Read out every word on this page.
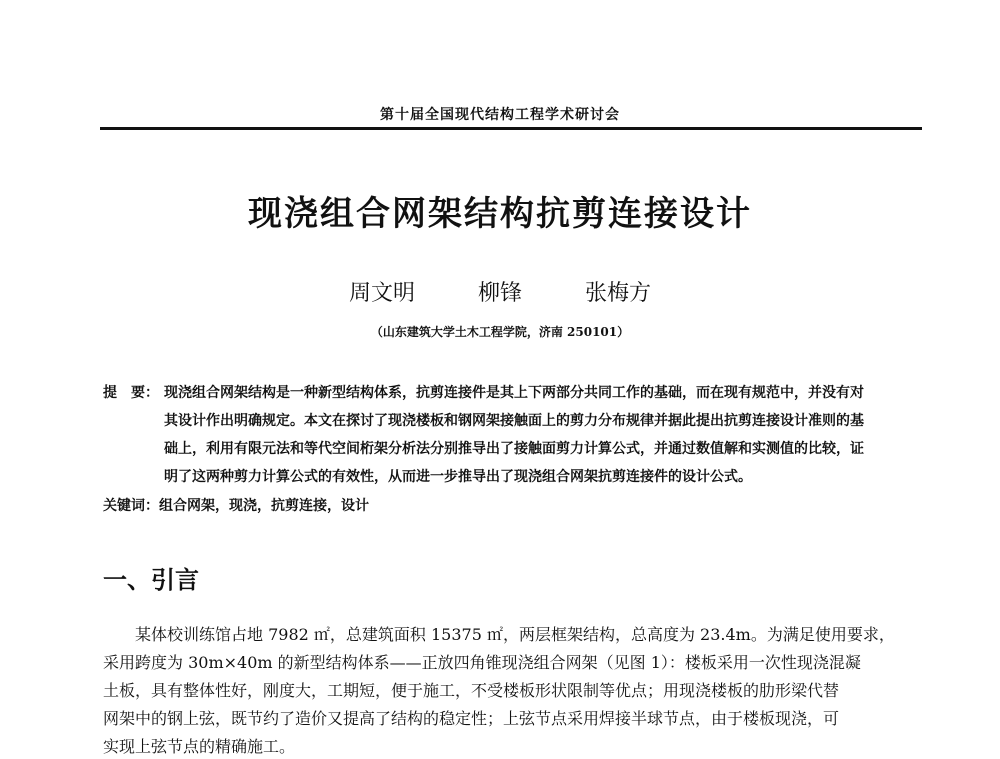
第十届全国现代结构工程学术研讨会
现浇组合网架结构抗剪连接设计
周文明	柳锋	张梅方
（山东建筑大学土木工程学院，济南 250101）
提　要： 现浇组合网架结构是一种新型结构体系，抗剪连接件是其上下两部分共同工作的基础，而在现有规范中，并没有对
其设计作出明确规定。本文在探讨了现浇楼板和钢网架接触面上的剪力分布规律并据此提出抗剪连接设计准则的基
础上，利用有限元法和等代空间桁架分析法分别推导出了接触面剪力计算公式，并通过数值解和实测值的比较，证
明了这两种剪力计算公式的有效性，从而进一步推导出了现浇组合网架抗剪连接件的设计公式。
关键词：组合网架，现浇，抗剪连接，设计
一、引言
　　某体校训练馆占地 7982 ㎡，总建筑面积 15375 ㎡，两层框架结构，总高度为 23.4m。为满足使用要求，
采用跨度为 30m×40m 的新型结构体系——正放四角锥现浇组合网架（见图 1）：楼板采用一次性现浇混凝
土板，具有整体性好，刚度大，工期短，便于施工，不受楼板形状限制等优点；用现浇楼板的肋形梁代替
网架中的钢上弦，既节约了造价又提高了结构的稳定性；上弦节点采用焊接半球节点，由于楼板现浇，可
实现上弦节点的精确施工。
